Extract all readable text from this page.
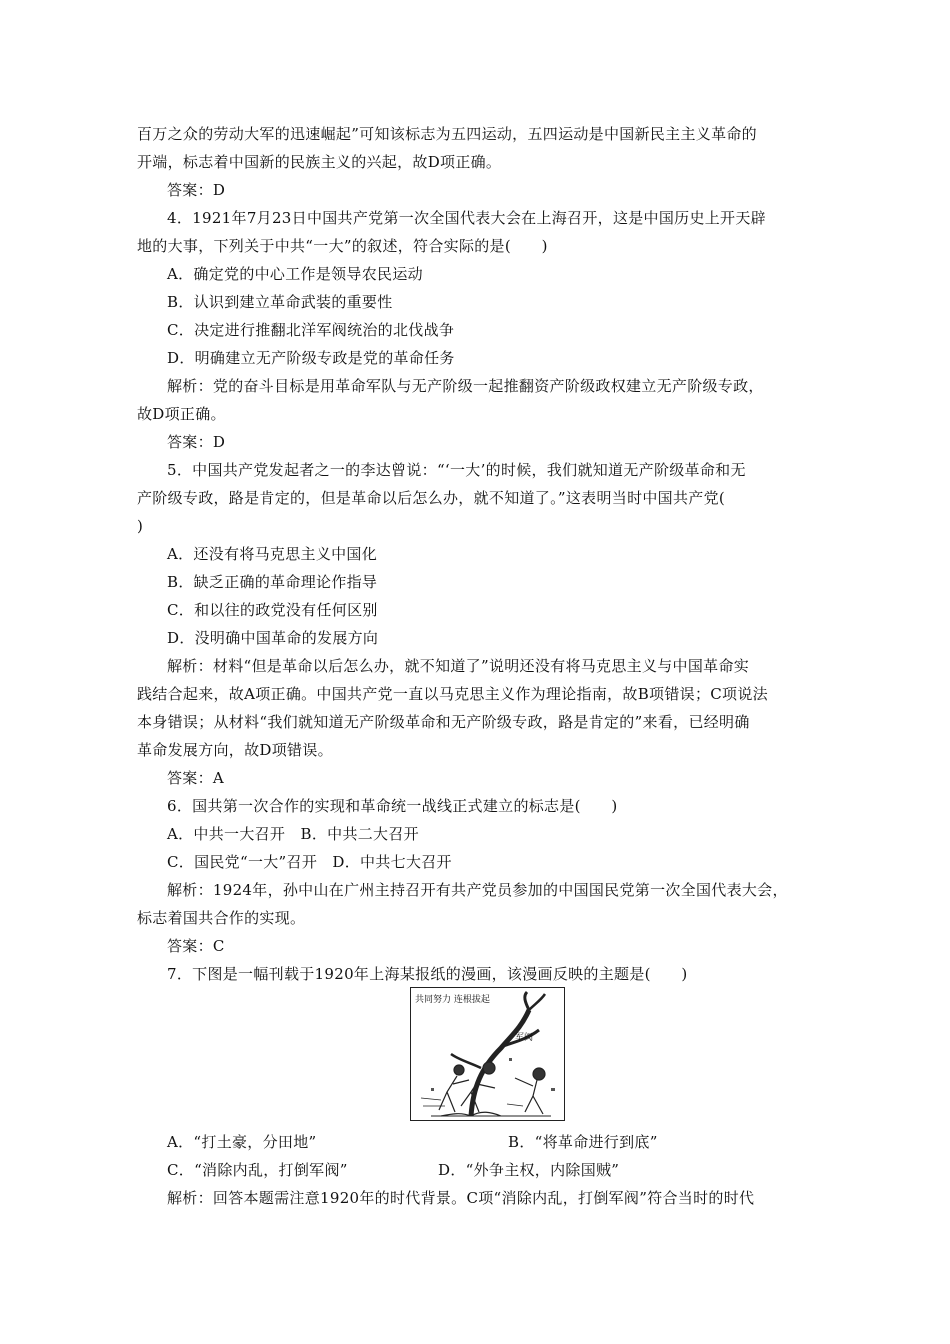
百万之众的劳动大军的迅速崛起”可知该标志为五四运动，五四运动是中国新民主主义革命的
开端，标志着中国新的民族主义的兴起，故D项正确。
答案：D
4．1921年7月23日中国共产党第一次全国代表大会在上海召开，这是中国历史上开天辟
地的大事，下列关于中共“一大”的叙述，符合实际的是(　　)
A．确定党的中心工作是领导农民运动
B．认识到建立革命武装的重要性
C．决定进行推翻北洋军阀统治的北伐战争
D．明确建立无产阶级专政是党的革命任务
解析：党的奋斗目标是用革命军队与无产阶级一起推翻资产阶级政权建立无产阶级专政，
故D项正确。
答案：D
5．中国共产党发起者之一的李达曾说：“‘一大’的时候，我们就知道无产阶级革命和无
产阶级专政，路是肯定的，但是革命以后怎么办，就不知道了。”这表明当时中国共产党(
)
A．还没有将马克思主义中国化
B．缺乏正确的革命理论作指导
C．和以往的政党没有任何区别
D．没明确中国革命的发展方向
解析：材料“但是革命以后怎么办，就不知道了”说明还没有将马克思主义与中国革命实
践结合起来，故A项正确。中国共产党一直以马克思主义作为理论指南，故B项错误；C项说法
本身错误；从材料“我们就知道无产阶级革命和无产阶级专政，路是肯定的”来看，已经明确
革命发展方向，故D项错误。
答案：A
6．国共第一次合作的实现和革命统一战线正式建立的标志是(　　)
A．中共一大召开　B．中共二大召开
C．国民党“一大”召开　D．中共七大召开
解析：1924年，孙中山在广州主持召开有共产党员参加的中国国民党第一次全国代表大会，
标志着国共合作的实现。
答案：C
7．下图是一幅刊载于1920年上海某报纸的漫画，该漫画反映的主题是(　　)
共同努力 连根拔起
军阀
A．“打土豪，分田地”	B．“将革命进行到底”
C．“消除内乱，打倒军阀”	D．“外争主权，内除国贼”
解析：回答本题需注意1920年的时代背景。C项“消除内乱，打倒军阀”符合当时的时代
